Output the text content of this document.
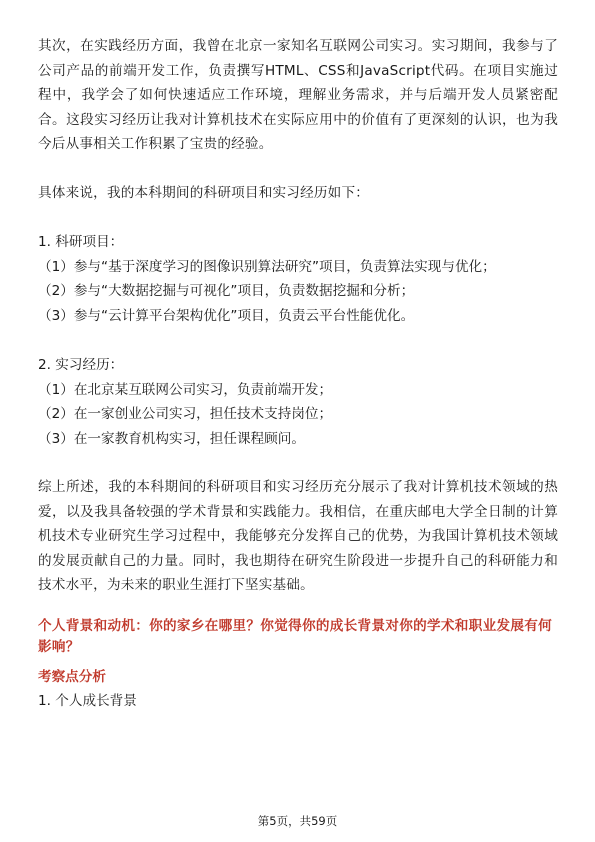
其次，在实践经历方面，我曾在北京一家知名互联网公司实习。实习期间，我参与了公司产品的前端开发工作，负责撰写HTML、CSS和JavaScript代码。在项目实施过程中，我学会了如何快速适应工作环境，理解业务需求，并与后端开发人员紧密配合。这段实习经历让我对计算机技术在实际应用中的价值有了更深刻的认识，也为我今后从事相关工作积累了宝贵的经验。

具体来说，我的本科期间的科研项目和实习经历如下：

1. 科研项目：

（1）参与“基于深度学习的图像识别算法研究”项目，负责算法实现与优化；

（2）参与“大数据挖掘与可视化”项目，负责数据挖掘和分析；

（3）参与“云计算平台架构优化”项目，负责云平台性能优化。

2. 实习经历：

（1）在北京某互联网公司实习，负责前端开发；

（2）在一家创业公司实习，担任技术支持岗位；

（3）在一家教育机构实习，担任课程顾问。

综上所述，我的本科期间的科研项目和实习经历充分展示了我对计算机技术领域的热爱，以及我具备较强的学术背景和实践能力。我相信，在重庆邮电大学全日制的计算机技术专业研究生学习过程中，我能够充分发挥自己的优势，为我国计算机技术领域的发展贡献自己的力量。同时，我也期待在研究生阶段进一步提升自己的科研能力和技术水平，为未来的职业生涯打下坚实基础。

个人背景和动机：你的家乡在哪里？你觉得你的成长背景对你的学术和职业发展有何影响？

考察点分析

1. 个人成长背景

第5页，共59页
